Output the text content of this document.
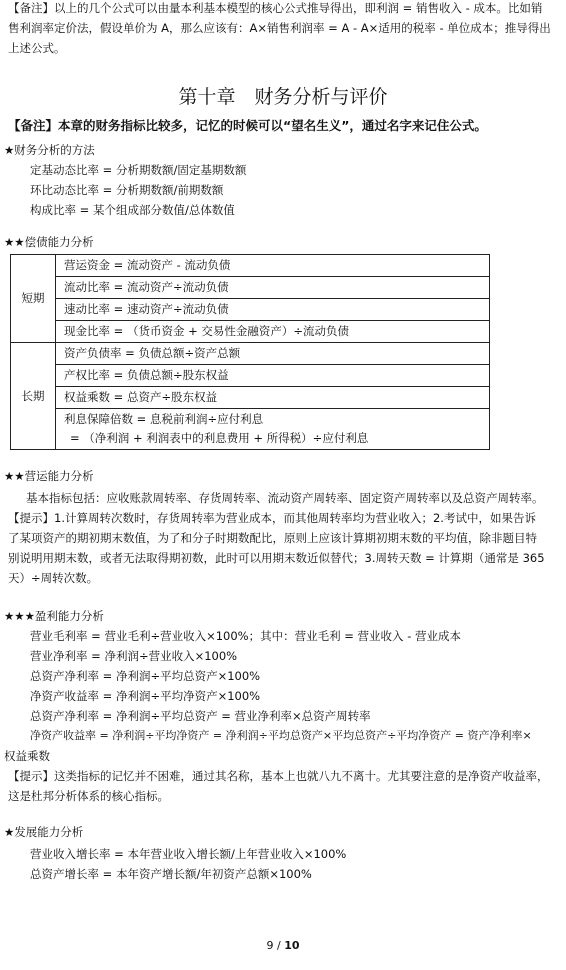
【备注】以上的几个公式可以由量本利基本模型的核心公式推导得出，即利润 = 销售收入 - 成本。比如销
售利润率定价法，假设单价为 A，那么应该有：A×销售利润率 = A - A×适用的税率 - 单位成本；推导得出
上述公式。
第十章　财务分析与评价
【备注】本章的财务指标比较多，记忆的时候可以“望名生义”，通过名字来记住公式。
★财务分析的方法
定基动态比率 = 分析期数额/固定基期数额
环比动态比率 = 分析期数额/前期数额
构成比率 = 某个组成部分数值/总体数值
★★偿债能力分析
短期	营运资金 = 流动资产 - 流动负债
	流动比率 = 流动资产÷流动负债
	速动比率 = 速动资产÷流动负债
	现金比率 = （货币资金 + 交易性金融资产）÷流动负债
长期	资产负债率 = 负债总额÷资产总额
	产权比率 = 负债总额÷股东权益
	权益乘数 = 总资产÷股东权益

	利息保障倍数 = 息税前利润÷应付利息
= （净利润 + 利润表中的利息费用 + 所得税）÷应付利息
★★营运能力分析
基本指标包括：应收账款周转率、存货周转率、流动资产周转率、固定资产周转率以及总资产周转率。
【提示】1.计算周转次数时，存货周转率为营业成本，而其他周转率均为营业收入；2.考试中，如果告诉
了某项资产的期初期末数值，为了和分子时期数配比，原则上应该计算期初期末数的平均值，除非题目特
别说明用期末数，或者无法取得期初数，此时可以用期末数近似替代；3.周转天数 = 计算期（通常是 365
天）÷周转次数。
★★★盈利能力分析
营业毛利率 = 营业毛利÷营业收入×100%；其中：营业毛利 = 营业收入 - 营业成本
营业净利率 = 净利润÷营业收入×100%
总资产净利率 = 净利润÷平均总资产×100%
净资产收益率 = 净利润÷平均净资产×100%
总资产净利率 = 净利润÷平均总资产 = 营业净利率×总资产周转率
净资产收益率 = 净利润÷平均净资产 = 净利润÷平均总资产×平均总资产÷平均净资产 = 资产净利率×
权益乘数
【提示】这类指标的记忆并不困难，通过其名称，基本上也就八九不离十。尤其要注意的是净资产收益率，
这是杜邦分析体系的核心指标。
★发展能力分析
营业收入增长率 = 本年营业收入增长额/上年营业收入×100%
总资产增长率 = 本年资产增长额/年初资产总额×100%
9 / 10
